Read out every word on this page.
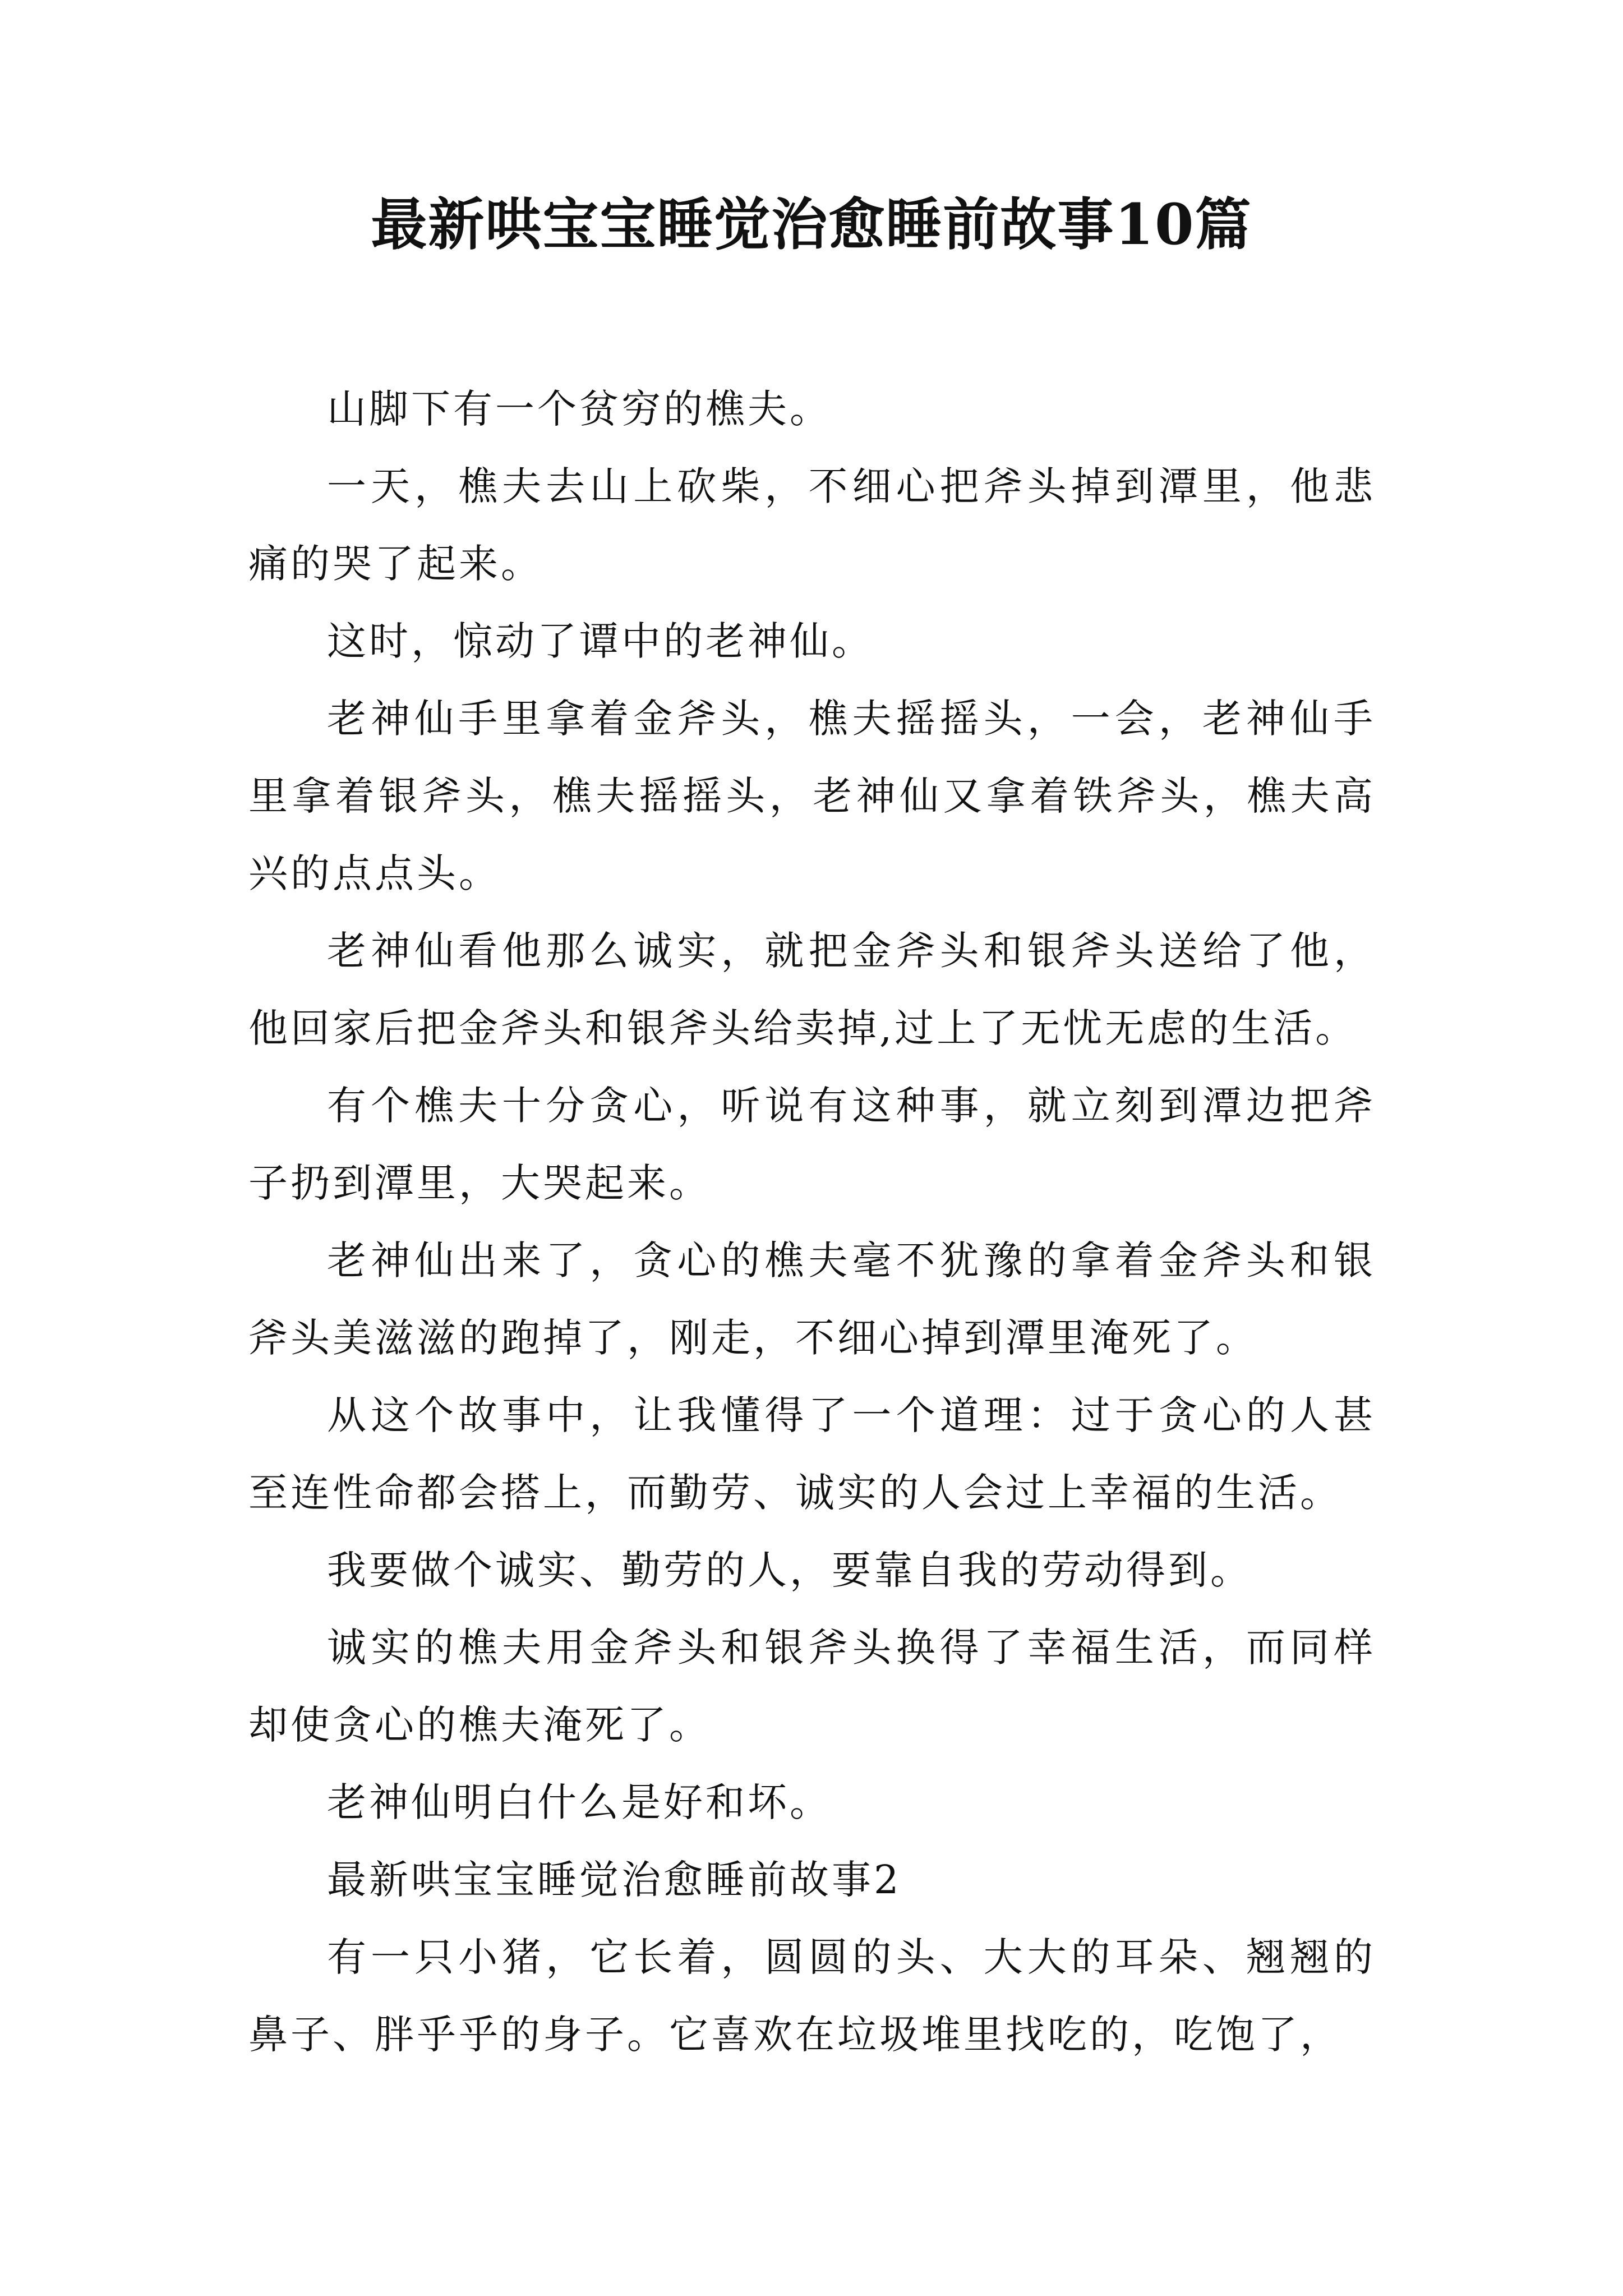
最新哄宝宝睡觉治愈睡前故事10篇

山脚下有一个贫穷的樵夫。

一天，樵夫去山上砍柴，不细心把斧头掉到潭里，他悲痛的哭了起来。

这时，惊动了谭中的老神仙。

老神仙手里拿着金斧头，樵夫摇摇头，一会，老神仙手里拿着银斧头，樵夫摇摇头，老神仙又拿着铁斧头，樵夫高兴的点点头。

老神仙看他那么诚实，就把金斧头和银斧头送给了他，他回家后把金斧头和银斧头给卖掉,过上了无忧无虑的生活。

有个樵夫十分贪心，听说有这种事，就立刻到潭边把斧子扔到潭里，大哭起来。

老神仙出来了，贪心的樵夫毫不犹豫的拿着金斧头和银斧头美滋滋的跑掉了，刚走，不细心掉到潭里淹死了。

从这个故事中，让我懂得了一个道理：过于贪心的人甚至连性命都会搭上，而勤劳、诚实的人会过上幸福的生活。

我要做个诚实、勤劳的人，要靠自我的劳动得到。

诚实的樵夫用金斧头和银斧头换得了幸福生活，而同样却使贪心的樵夫淹死了。

老神仙明白什么是好和坏。

最新哄宝宝睡觉治愈睡前故事2

有一只小猪，它长着，圆圆的头、大大的耳朵、翘翘的鼻子、胖乎乎的身子。它喜欢在垃圾堆里找吃的，吃饱了，
